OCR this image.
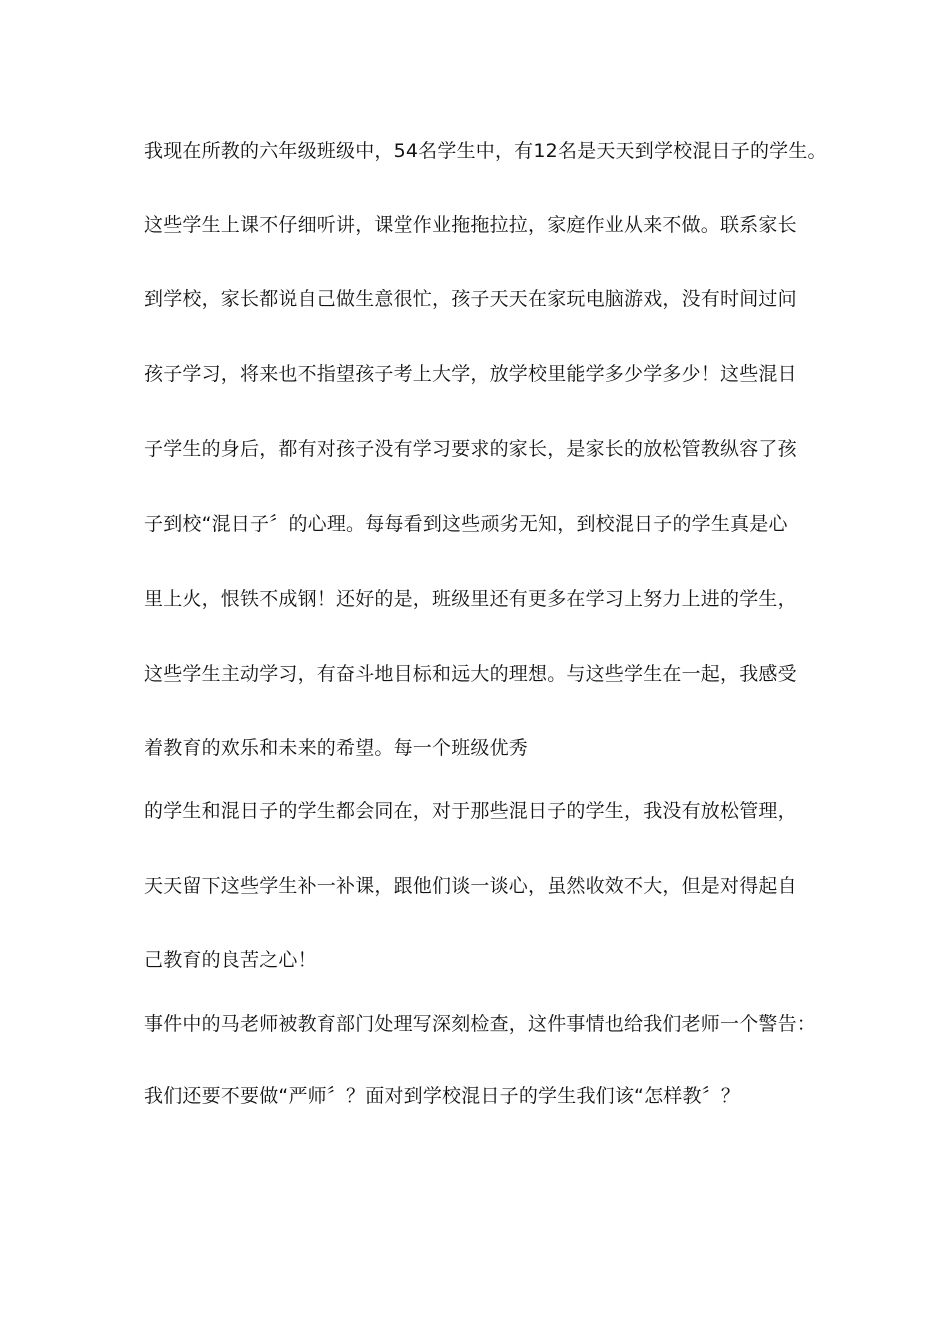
我现在所教的六年级班级中，54名学生中，有12名是天天到学校混日子的学生。
这些学生上课不仔细听讲，课堂作业拖拖拉拉，家庭作业从来不做。联系家长
到学校，家长都说自己做生意很忙，孩子天天在家玩电脑游戏，没有时间过问
孩子学习，将来也不指望孩子考上大学，放学校里能学多少学多少！这些混日
子学生的身后，都有对孩子没有学习要求的家长，是家长的放松管教纵容了孩
子到校“混日子〞的心理。每每看到这些顽劣无知，到校混日子的学生真是心
里上火，恨铁不成钢！还好的是，班级里还有更多在学习上努力上进的学生，
这些学生主动学习，有奋斗地目标和远大的理想。与这些学生在一起，我感受
着教育的欢乐和未来的希望。每一个班级优秀
的学生和混日子的学生都会同在，对于那些混日子的学生，我没有放松管理，
天天留下这些学生补一补课，跟他们谈一谈心，虽然收效不大，但是对得起自
己教育的良苦之心！
事件中的马老师被教育部门处理写深刻检查，这件事情也给我们老师一个警告：
我们还要不要做“严师〞？面对到学校混日子的学生我们该“怎样教〞？
